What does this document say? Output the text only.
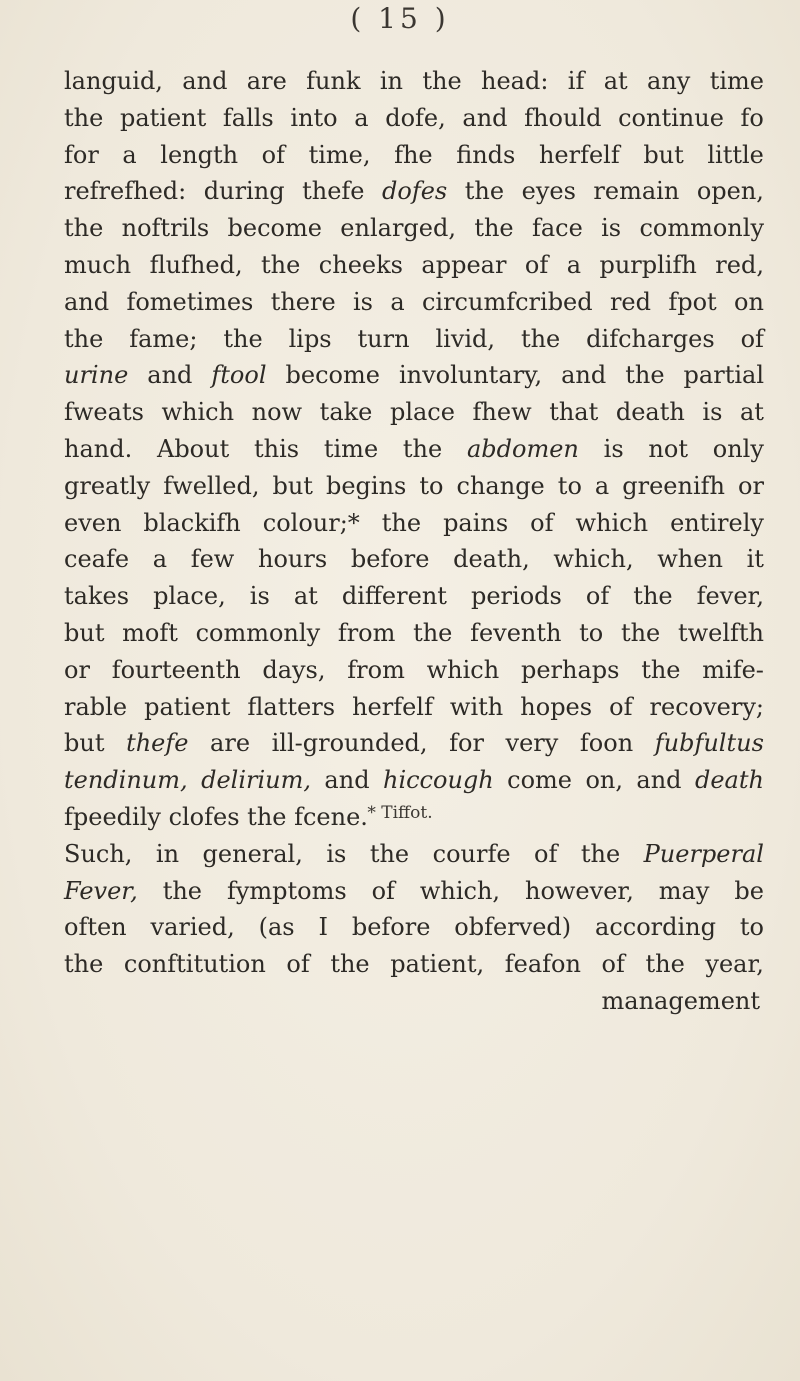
( 15 )
languid, and are funk in the head: if at any time
the patient falls into a dofe, and fhould continue fo
for a length of time, fhe finds herfelf but little
refrefhed: during thefe dofes the eyes remain open,
the noftrils become enlarged, the face is commonly
much flufhed, the cheeks appear of a purplifh red,
and fometimes there is a circumfcribed red fpot on
the fame; the lips turn livid, the difcharges of
urine and ftool become involuntary, and the partial
fweats which now take place fhew that death is at
hand. About this time the abdomen is not only
greatly fwelled, but begins to change to a greenifh or
even blackifh colour;* the pains of which entirely
ceafe a few hours before death, which, when it
takes place, is at different periods of the fever,
but moft commonly from the feventh to the twelfth
or fourteenth days, from which perhaps the mife-
rable patient flatters herfelf with hopes of recovery;
but thefe are ill-grounded, for very foon fubfultus
tendinum, delirium, and hiccough come on, and death
fpeedily clofes the fcene.
Such, in general, is the courfe of the Puerperal
Fever, the fymptoms of which, however, may be
often varied, (as I before obferved) according to
the conftitution of the patient, feafon of the year,
management
* Tiffot.
